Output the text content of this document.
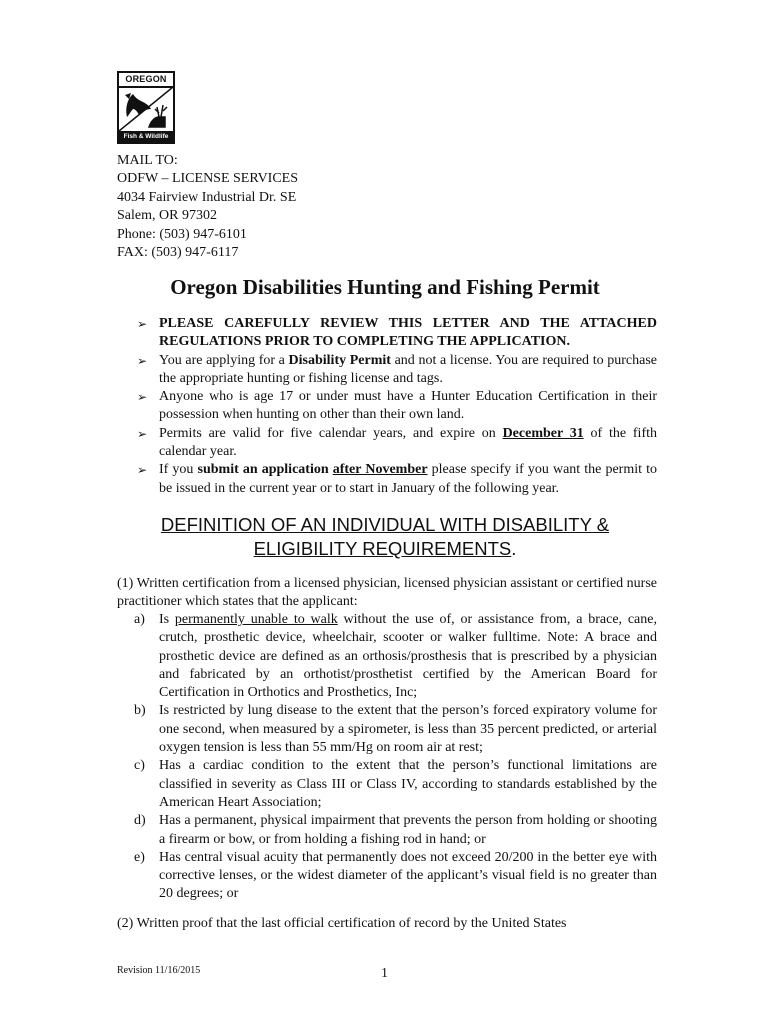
OREGON
Fish & Wildlife
MAIL TO:
ODFW – LICENSE SERVICES
4034 Fairview Industrial Dr. SE
Salem, OR 97302
Phone: (503) 947-6101
FAX: (503) 947-6117
Oregon Disabilities Hunting and Fishing Permit
➢ PLEASE CAREFULLY REVIEW THIS LETTER AND THE ATTACHED REGULATIONS PRIOR TO COMPLETING THE APPLICATION.
➢ You are applying for a Disability Permit and not a license. You are required to purchase the appropriate hunting or fishing license and tags.
➢ Anyone who is age 17 or under must have a Hunter Education Certification in their possession when hunting on other than their own land.
➢ Permits are valid for five calendar years, and expire on December 31 of the fifth calendar year.
➢ If you submit an application after November please specify if you want the permit to be issued in the current year or to start in January of the following year.
DEFINITION OF AN INDIVIDUAL WITH DISABILITY &
ELIGIBILITY REQUIREMENTS.
(1) Written certification from a licensed physician, licensed physician assistant or certified nurse practitioner which states that the applicant:
a) Is permanently unable to walk without the use of, or assistance from, a brace, cane, crutch, prosthetic device, wheelchair, scooter or walker fulltime. Note: A brace and prosthetic device are defined as an orthosis/prosthesis that is prescribed by a physician and fabricated by an orthotist/prosthetist certified by the American Board for Certification in Orthotics and Prosthetics, Inc;
b) Is restricted by lung disease to the extent that the person’s forced expiratory volume for one second, when measured by a spirometer, is less than 35 percent predicted, or arterial oxygen tension is less than 55 mm/Hg on room air at rest;
c) Has a cardiac condition to the extent that the person’s functional limitations are classified in severity as Class III or Class IV, according to standards established by the American Heart Association;
d) Has a permanent, physical impairment that prevents the person from holding or shooting a firearm or bow, or from holding a fishing rod in hand; or
e) Has central visual acuity that permanently does not exceed 20/200 in the better eye with corrective lenses, or the widest diameter of the applicant’s visual field is no greater than 20 degrees; or
(2) Written proof that the last official certification of record by the United States
Revision 11/16/2015	1
